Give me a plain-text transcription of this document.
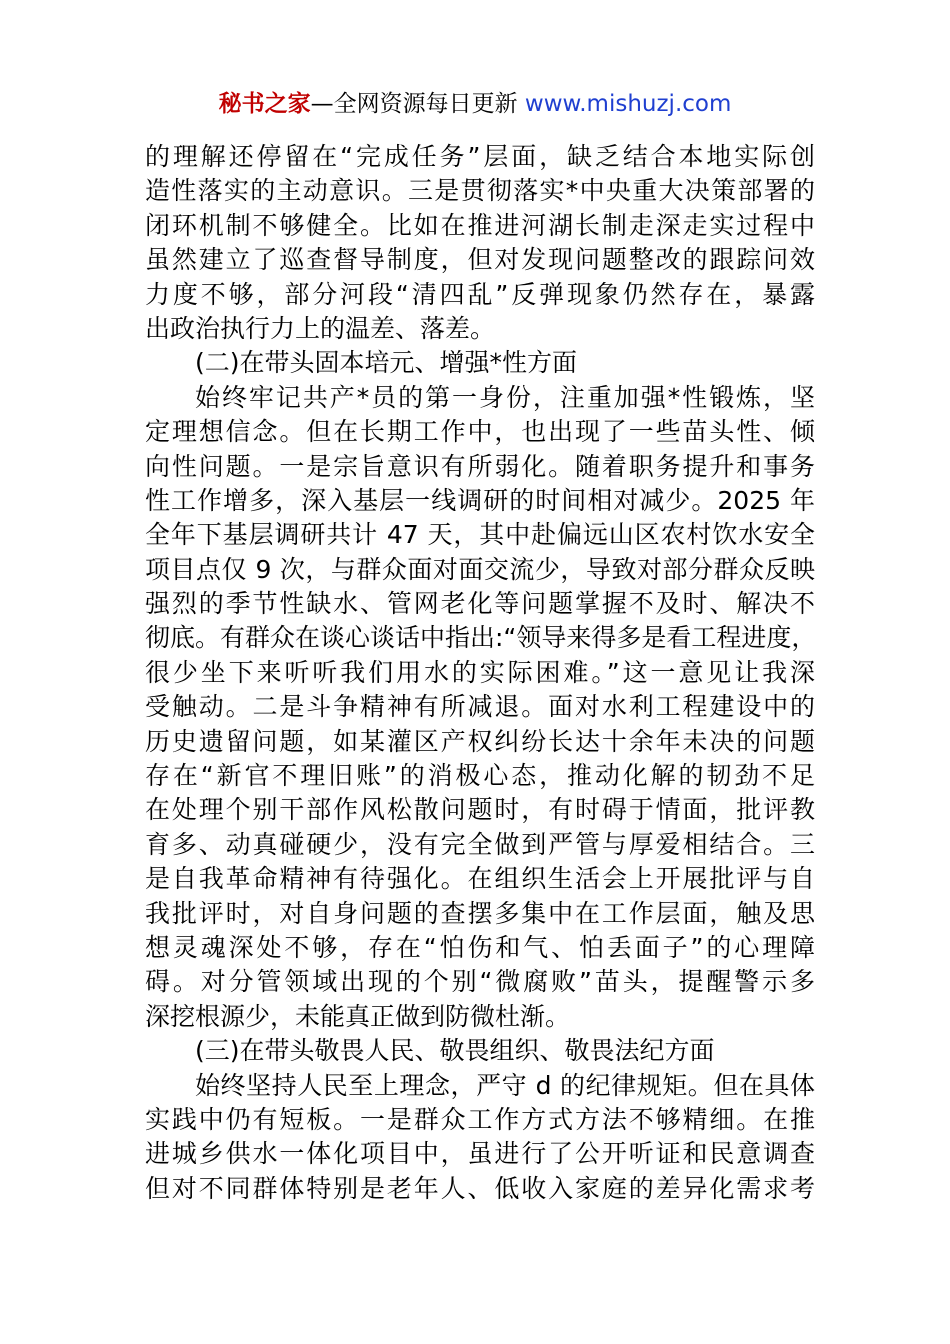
秘书之家—全网资源每日更新 www.mishuzj.com
的理解还停留在“完成任务”层面，缺乏结合本地实际创
造性落实的主动意识。三是贯彻落实*中央重大决策部署的
闭环机制不够健全。比如在推进河湖长制走深走实过程中
虽然建立了巡查督导制度，但对发现问题整改的跟踪问效
力度不够，部分河段“清四乱”反弹现象仍然存在，暴露
出政治执行力上的温差、落差。
(二)在带头固本培元、增强*性方面
始终牢记共产*员的第一身份，注重加强*性锻炼，坚
定理想信念。但在长期工作中，也出现了一些苗头性、倾
向性问题。一是宗旨意识有所弱化。随着职务提升和事务
性工作增多，深入基层一线调研的时间相对减少。2025 年
全年下基层调研共计 47 天，其中赴偏远山区农村饮水安全
项目点仅 9 次，与群众面对面交流少，导致对部分群众反映
强烈的季节性缺水、管网老化等问题掌握不及时、解决不
彻底。有群众在谈心谈话中指出:“领导来得多是看工程进度，
很少坐下来听听我们用水的实际困难。”这一意见让我深
受触动。二是斗争精神有所减退。面对水利工程建设中的
历史遗留问题，如某灌区产权纠纷长达十余年未决的问题
存在“新官不理旧账”的消极心态，推动化解的韧劲不足
在处理个别干部作风松散问题时，有时碍于情面，批评教
育多、动真碰硬少，没有完全做到严管与厚爱相结合。三
是自我革命精神有待强化。在组织生活会上开展批评与自
我批评时，对自身问题的查摆多集中在工作层面，触及思
想灵魂深处不够，存在“怕伤和气、怕丢面子”的心理障
碍。对分管领域出现的个别“微腐败”苗头，提醒警示多
深挖根源少，未能真正做到防微杜渐。
(三)在带头敬畏人民、敬畏组织、敬畏法纪方面
始终坚持人民至上理念，严守 d 的纪律规矩。但在具体
实践中仍有短板。一是群众工作方式方法不够精细。在推
进城乡供水一体化项目中，虽进行了公开听证和民意调查
但对不同群体特别是老年人、低收入家庭的差异化需求考
